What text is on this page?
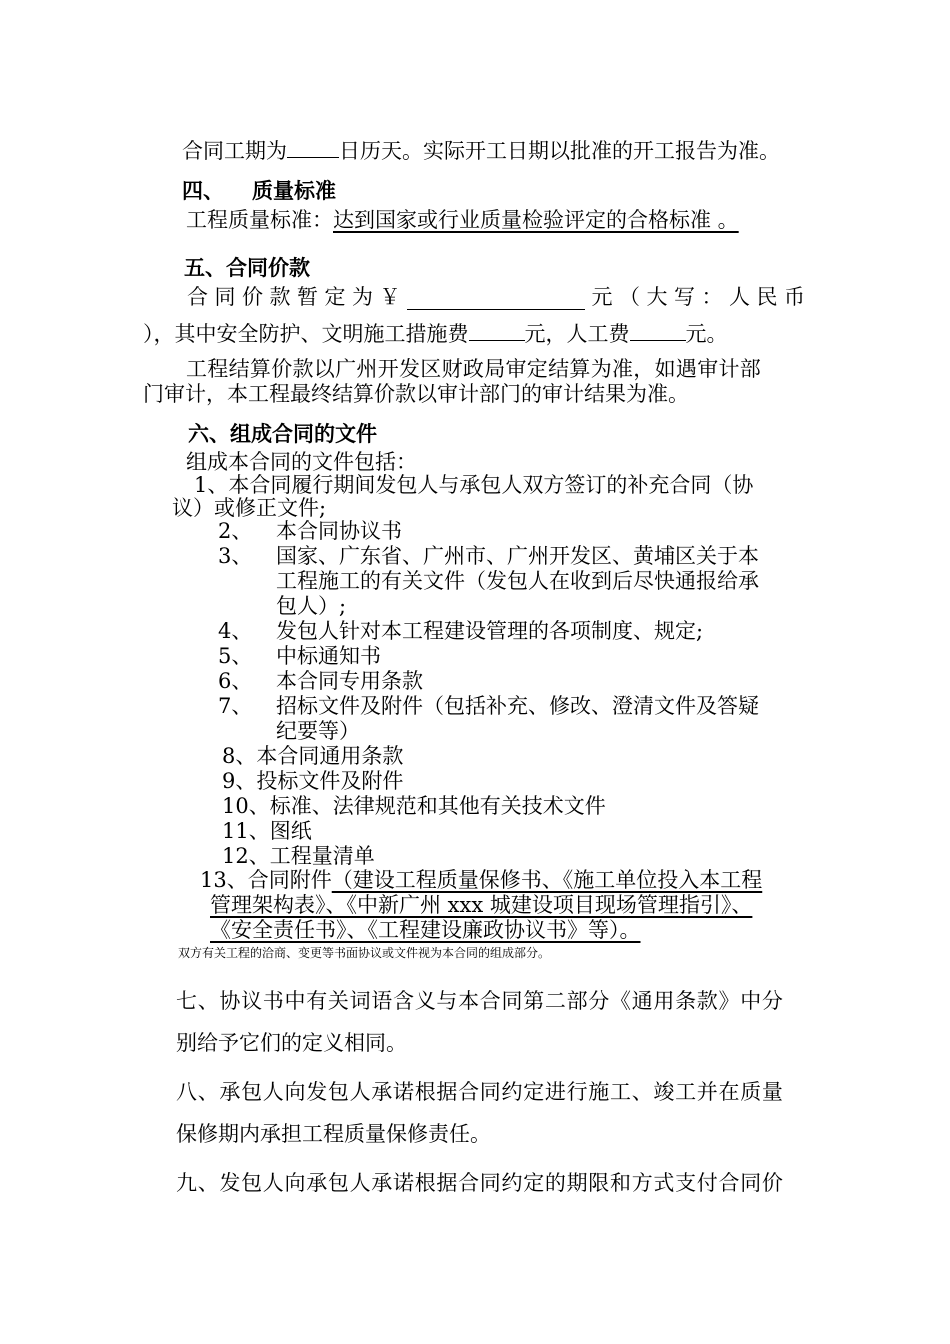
合同工期为 日历天。实际开工日期以批准的开工报告为准。
四、 质量标准
工程质量标准：达到国家或行业质量检验评定的合格标准 。
五、合同价款
合 同 价 款 暂 定 为 ￥	元 （ 大 写 ： 人 民 币
），其中安全防护、文明施工措施费	元，人工费	元。
工程结算价款以广州开发区财政局审定结算为准，如遇审计部
门审计，本工程最终结算价款以审计部门的审计结果为准。
六、组成合同的文件
组成本合同的文件包括：
1、本合同履行期间发包人与承包人双方签订的补充合同（协
议）或修正文件;
2、 本合同协议书
3、 国家、广东省、广州市、广州开发区、黄埔区关于本
工程施工的有关文件（发包人在收到后尽快通报给承
包人）;
4、 发包人针对本工程建设管理的各项制度、规定;
5、 中标通知书
6、 本合同专用条款
7、 招标文件及附件（包括补充、修改、澄清文件及答疑
纪要等）
8、本合同通用条款
9、投标文件及附件
10、标准、法律规范和其他有关技术文件
11、图纸
12、工程量清单
13、合同附件（建设工程质量保修书、《施工单位投入本工程
管理架构表》、《中新广州 xxx 城建设项目现场管理指引》、
《安全责任书》、《工程建设廉政协议书》等）。
双方有关工程的洽商、变更等书面协议或文件视为本合同的组成部分。
七、协议书中有关词语含义与本合同第二部分《通用条款》中分
别给予它们的定义相同。
八、承包人向发包人承诺根据合同约定进行施工、竣工并在质量
保修期内承担工程质量保修责任。
九、发包人向承包人承诺根据合同约定的期限和方式支付合同价
